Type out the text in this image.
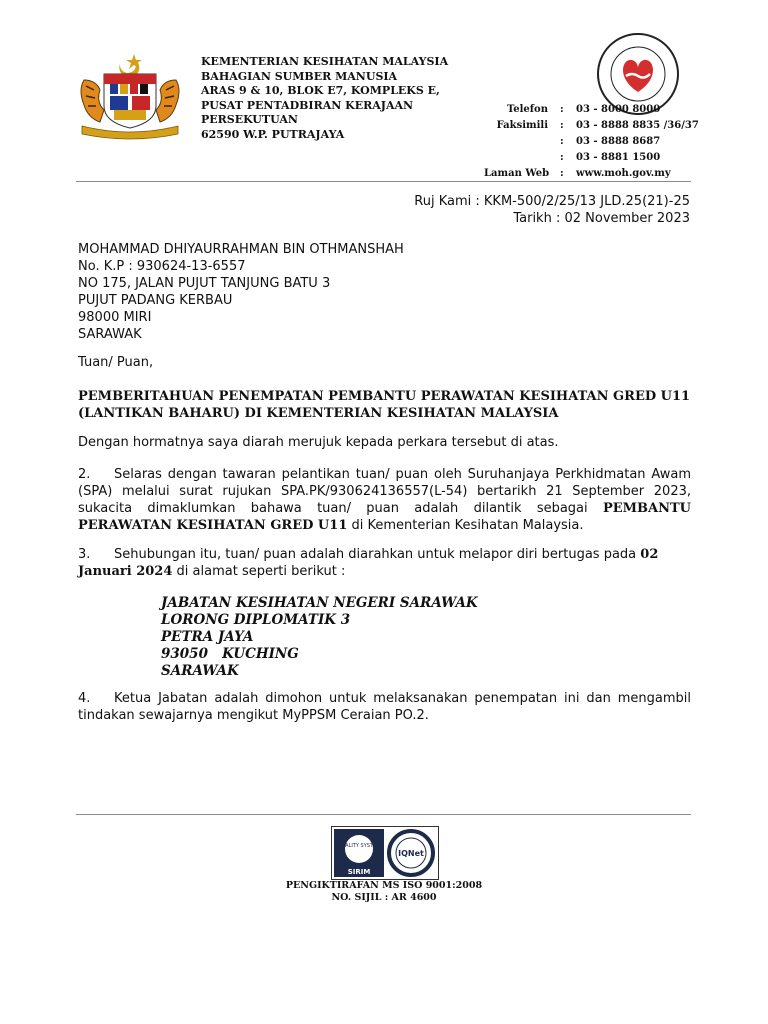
KEMENTERIAN KESIHATAN MALAYSIA
BAHAGIAN SUMBER MANUSIA
ARAS 9 & 10, BLOK E7, KOMPLEKS E,
PUSAT PENTADBIRAN KERAJAAN
PERSEKUTUAN
62590 W.P. PUTRAJAYA
Telefon	:	03 - 8000 8000
Faksimili	:	03 - 8888 8835 /36/37
:	03 - 8888 8687
:	03 - 8881 1500
Laman Web	:	www.moh.gov.my
Ruj Kami : KKM-500/2/25/13 JLD.25(21)-25
Tarikh : 02 November 2023
MOHAMMAD DHIYAURRAHMAN BIN OTHMANSHAH
No. K.P : 930624-13-6557
NO 175, JALAN PUJUT TANJUNG BATU 3
PUJUT PADANG KERBAU
98000 MIRI
SARAWAK
Tuan/ Puan,
PEMBERITAHUAN PENEMPATAN PEMBANTU PERAWATAN KESIHATAN GRED U11
(LANTIKAN BAHARU) DI KEMENTERIAN KESIHATAN MALAYSIA
Dengan hormatnya saya diarah merujuk kepada perkara tersebut di atas.
2. Selaras dengan tawaran pelantikan tuan/ puan oleh Suruhanjaya Perkhidmatan Awam (SPA) melalui surat rujukan SPA.PK/930624136557(L-54) bertarikh 21 September 2023, sukacita dimaklumkan bahawa tuan/ puan adalah dilantik sebagai PEMBANTU PERAWATAN KESIHATAN GRED U11 di Kementerian Kesihatan Malaysia.
3. Sehubungan itu, tuan/ puan adalah diarahkan untuk melapor diri bertugas pada 02 Januari 2024 di alamat seperti berikut :
JABATAN KESIHATAN NEGERI SARAWAK
LORONG DIPLOMATIK 3
PETRA JAYA
93050   KUCHING
SARAWAK
4. Ketua Jabatan adalah dimohon untuk melaksanakan penempatan ini dan mengambil tindakan sewajarnya mengikut MyPPSM Ceraian PO.2.
QUALITY SYSTEM
SIRIM
IQNet
PENGIKTIRAFAN MS ISO 9001:2008
NO. SIJIL : AR 4600
